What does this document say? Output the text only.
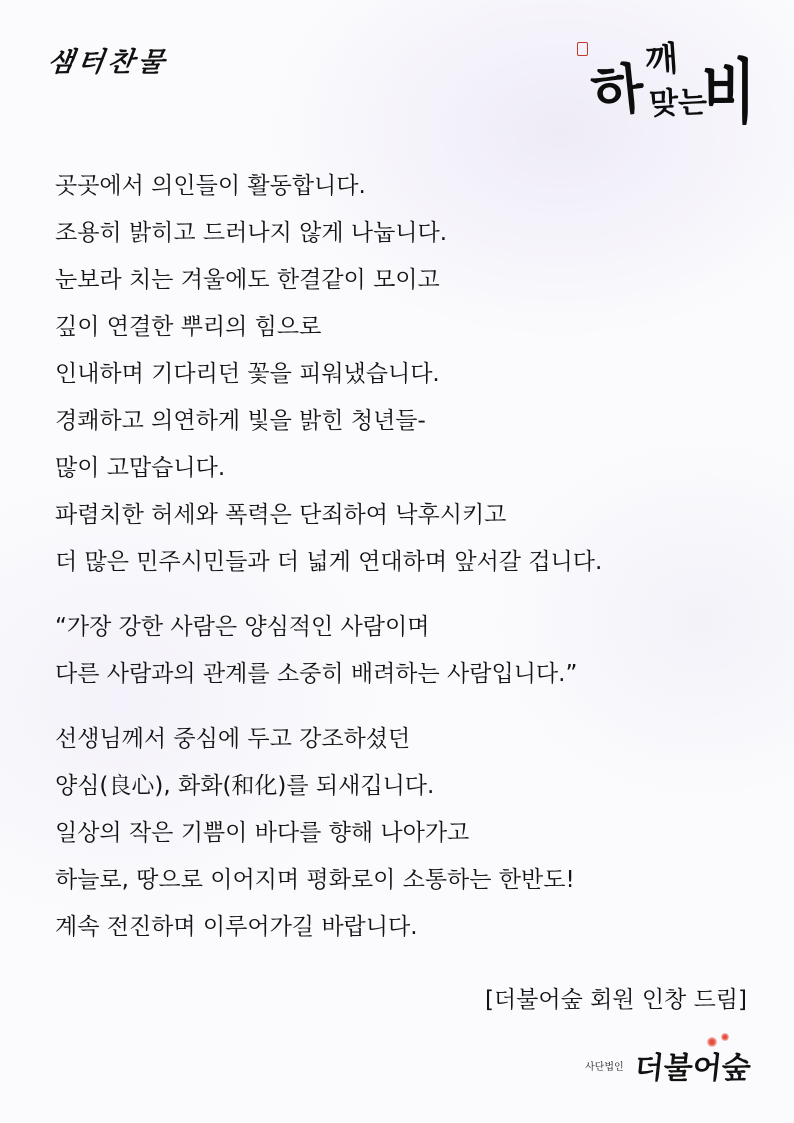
샘터찬물	하
깨
맞는
비
곳곳에서 의인들이 활동합니다.
조용히 밝히고 드러나지 않게 나눕니다.
눈보라 치는 겨울에도 한결같이 모이고
깊이 연결한 뿌리의 힘으로
인내하며 기다리던 꽃을 피워냈습니다.
경쾌하고 의연하게 빛을 밝힌 청년들-
많이 고맙습니다.
파렴치한 허세와 폭력은 단죄하여 낙후시키고
더 많은 민주시민들과 더 넓게 연대하며 앞서갈 겁니다.
“가장 강한 사람은 양심적인 사람이며
다른 사람과의 관계를 소중히 배려하는 사람입니다.”
선생님께서 중심에 두고 강조하셨던
양심(良心), 화화(和化)를 되새깁니다.
일상의 작은 기쁨이 바다를 향해 나아가고
하늘로, 땅으로 이어지며 평화로이 소통하는 한반도!
계속 전진하며 이루어가길 바랍니다.
[더불어숲 회원 인창 드림]
사단법인 더불어숲
